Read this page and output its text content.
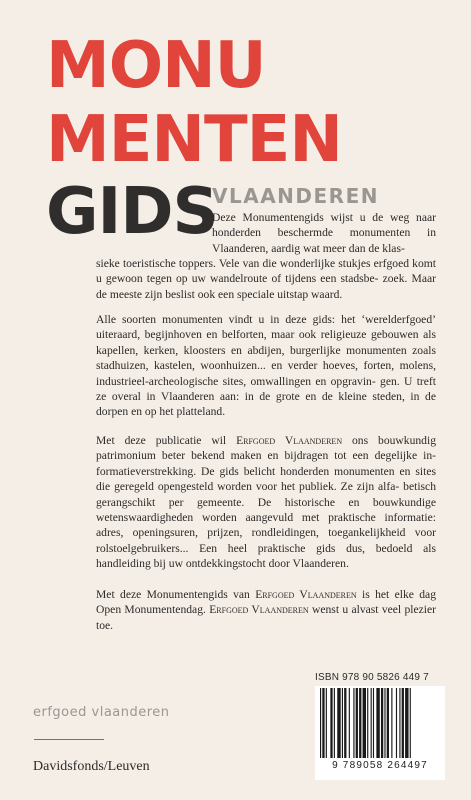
MONU
MENTEN
GIDS
VLAANDEREN

Deze Monumentengids wijst u de weg naar honderden beschermde monumenten in Vlaanderen, aardig wat meer dan de klas-

sieke toeristische toppers. Vele van die wonderlijke stukjes erfgoed komt u gewoon tegen op uw wandelroute of tijdens een stadsbe- zoek. Maar de meeste zijn beslist ook een speciale uitstap waard.

Alle soorten monumenten vindt u in deze gids: het ‘werelderfgoed’ uiteraard, begijnhoven en belforten, maar ook religieuze gebouwen als kapellen, kerken, kloosters en abdijen, burgerlijke monumenten zoals stadhuizen, kastelen, woonhuizen... en verder hoeves, forten, molens, industrieel-archeologische sites, omwallingen en opgravin- gen. U treft ze overal in Vlaanderen aan: in de grote en de kleine steden, in de dorpen en op het platteland.

Met deze publicatie wil Erfgoed Vlaanderen ons bouwkundig patrimonium beter bekend maken en bijdragen tot een degelijke in- formatieverstrekking. De gids belicht honderden monumenten en sites die geregeld opengesteld worden voor het publiek. Ze zijn alfa- betisch gerangschikt per gemeente. De historische en bouwkundige wetenswaardigheden worden aangevuld met praktische informatie: adres, openingsuren, prijzen, rondleidingen, toegankelijkheid voor rolstoelgebruikers... Een heel praktische gids dus, bedoeld als handleiding bij uw ontdekkingstocht door Vlaanderen.

Met deze Monumentengids van Erfgoed Vlaanderen is het elke dag Open Monumentendag. Erfgoed Vlaanderen wenst u alvast veel plezier toe.

erfgoed vlaanderen
Davidsfonds/Leuven
ISBN 978 90 5826 449 7
9 789058 264497
